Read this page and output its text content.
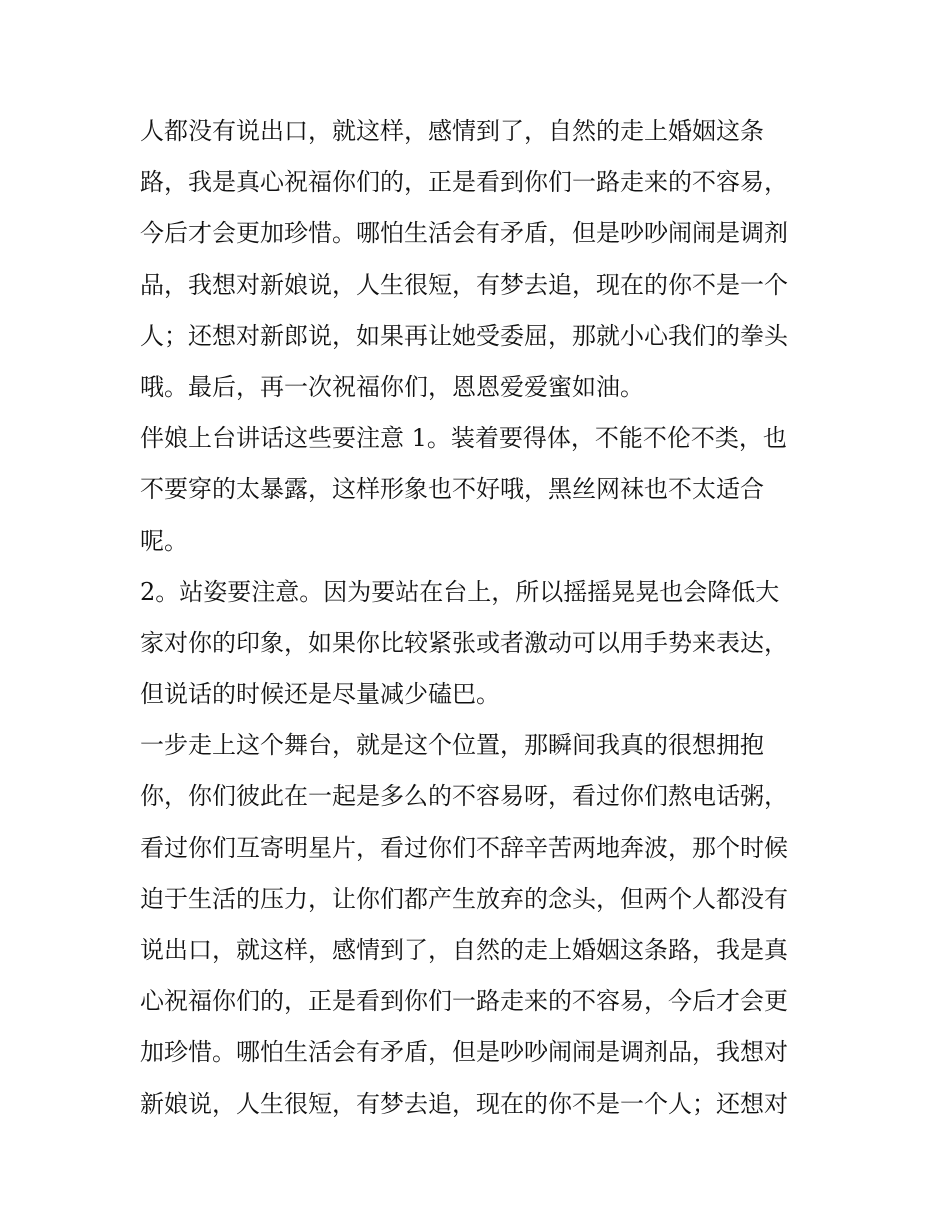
人都没有说出口，就这样，感情到了，自然的走上婚姻这条
路，我是真心祝福你们的，正是看到你们一路走来的不容易，
今后才会更加珍惜。哪怕生活会有矛盾，但是吵吵闹闹是调剂
品，我想对新娘说，人生很短，有梦去追，现在的你不是一个
人；还想对新郎说，如果再让她受委屈，那就小心我们的拳头
哦。最后，再一次祝福你们，恩恩爱爱蜜如油。
伴娘上台讲话这些要注意 1。装着要得体，不能不伦不类，也
不要穿的太暴露，这样形象也不好哦，黑丝网袜也不太适合
呢。
2。站姿要注意。因为要站在台上，所以摇摇晃晃也会降低大
家对你的印象，如果你比较紧张或者激动可以用手势来表达，
但说话的时候还是尽量减少磕巴。
一步走上这个舞台，就是这个位置，那瞬间我真的很想拥抱
你，你们彼此在一起是多么的不容易呀，看过你们熬电话粥，
看过你们互寄明星片，看过你们不辞辛苦两地奔波，那个时候
迫于生活的压力，让你们都产生放弃的念头，但两个人都没有
说出口，就这样，感情到了，自然的走上婚姻这条路，我是真
心祝福你们的，正是看到你们一路走来的不容易，今后才会更
加珍惜。哪怕生活会有矛盾，但是吵吵闹闹是调剂品，我想对
新娘说，人生很短，有梦去追，现在的你不是一个人；还想对
